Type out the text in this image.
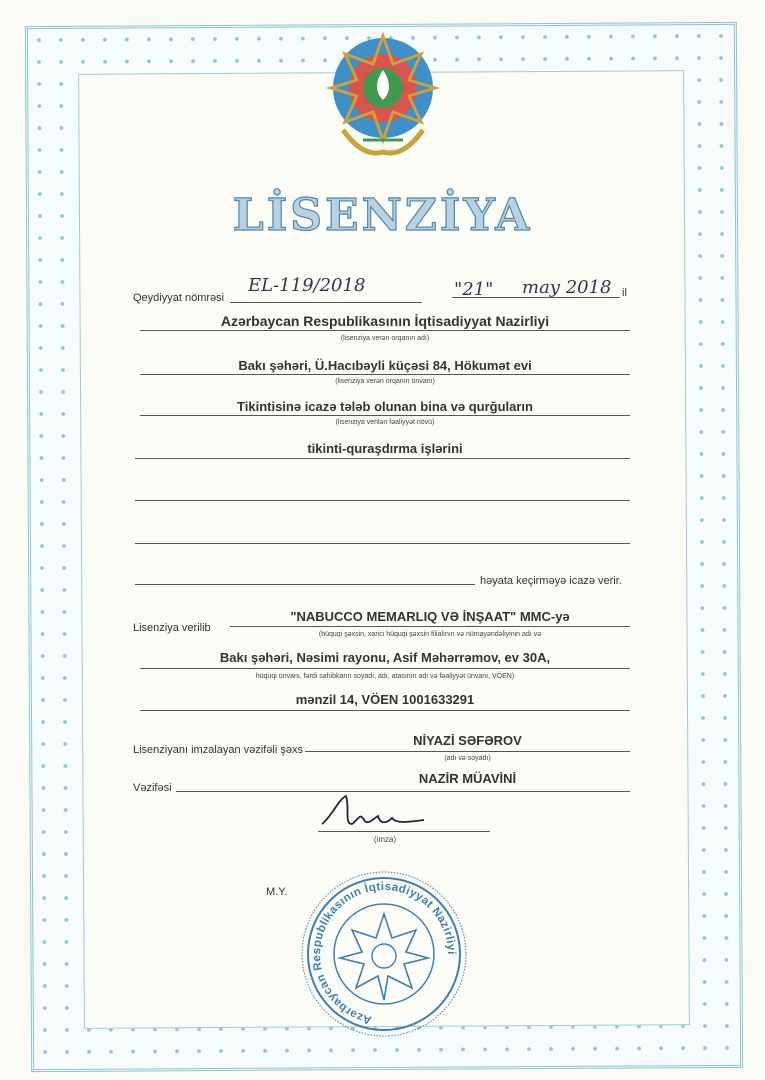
LİSENZİYA
Qeydiyyat nömrəsi
EL-119/2018	"21" may 2018 il
Azərbaycan Respublikasının İqtisadiyyat Nazirliyi
(lisenziya verən orqanın adı)
Bakı şəhəri, Ü.Hacıbəyli küçəsi 84, Hökumət evi
(lisenziya verən orqanın ünvanı)
Tikintisinə icazə tələb olunan bina və qurğuların
(lisenziya verilən fəaliyyət növü)
tikinti-quraşdırma işlərini
həyata keçirməyə icazə verir.
Lisenziya verilib
"NABUCCO MEMARLIQ VƏ İNŞAAT" MMC-yə
(hüquqi şəxsin, xarici hüquqi şəxsin filialının və nümayəndəliyinin adı və
Bakı şəhəri, Nəsimi rayonu, Asif Məhərrəmov, ev 30A,
hüquqi ünvanı, fərdi sahibkarın soyadı, adı, atasının adı və fəaliyyət ünvanı, VÖEN)
mənzil 14, VÖEN 1001633291
Lisenziyanı imzalayan vəzifəli şəxs
NİYAZİ SƏFƏROV
(adı və soyadı)
Vəzifəsi
NAZİR MÜAVİNİ
(imza)
M.Y.
Azərbaycan Respublikasının İqtisadiyyat Nazirliyi
